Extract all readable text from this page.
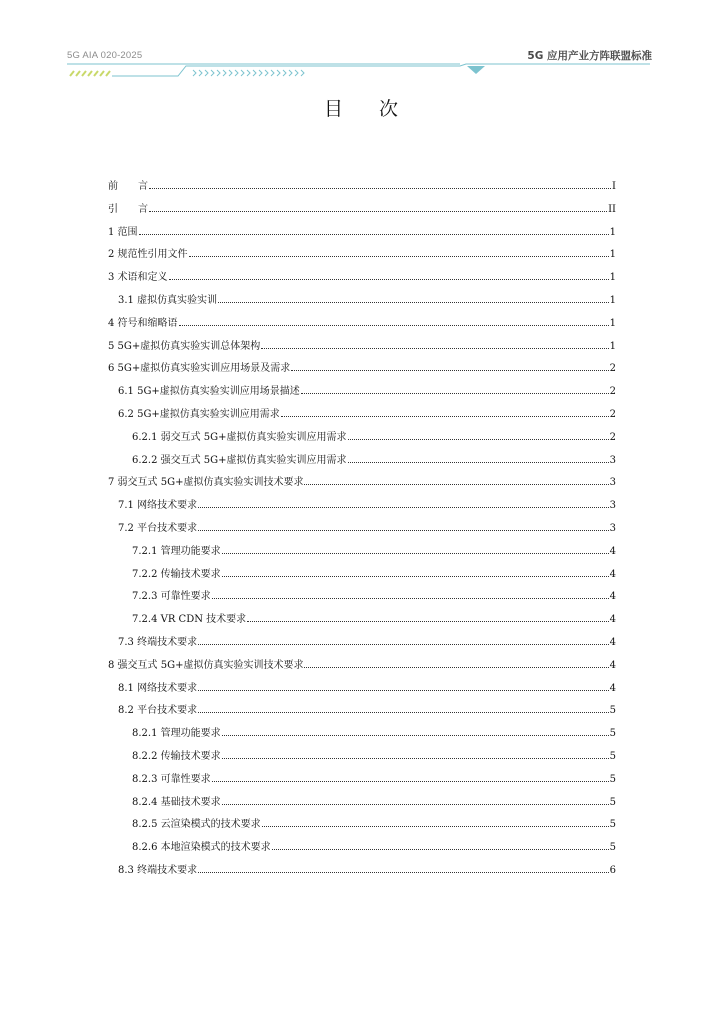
5G AIA 020-2025	5G 应用产业方阵联盟标准
目 次
前　　言	I
引　　言	II
1 范围	1
2 规范性引用文件	1
3 术语和定义	1
3.1 虚拟仿真实验实训	1
4 符号和缩略语	1
5 5G+虚拟仿真实验实训总体架构	1
6 5G+虚拟仿真实验实训应用场景及需求	2
6.1 5G+虚拟仿真实验实训应用场景描述	2
6.2 5G+虚拟仿真实验实训应用需求	2
6.2.1 弱交互式 5G+虚拟仿真实验实训应用需求	2
6.2.2 强交互式 5G+虚拟仿真实验实训应用需求	3
7 弱交互式 5G+虚拟仿真实验实训技术要求	3
7.1 网络技术要求	3
7.2 平台技术要求	3
7.2.1 管理功能要求	4
7.2.2 传输技术要求	4
7.2.3 可靠性要求	4
7.2.4 VR CDN 技术要求	4
7.3 终端技术要求	4
8 强交互式 5G+虚拟仿真实验实训技术要求	4
8.1 网络技术要求	4
8.2 平台技术要求	5
8.2.1 管理功能要求	5
8.2.2 传输技术要求	5
8.2.3 可靠性要求	5
8.2.4 基础技术要求	5
8.2.5 云渲染模式的技术要求	5
8.2.6 本地渲染模式的技术要求	5
8.3 终端技术要求	6
